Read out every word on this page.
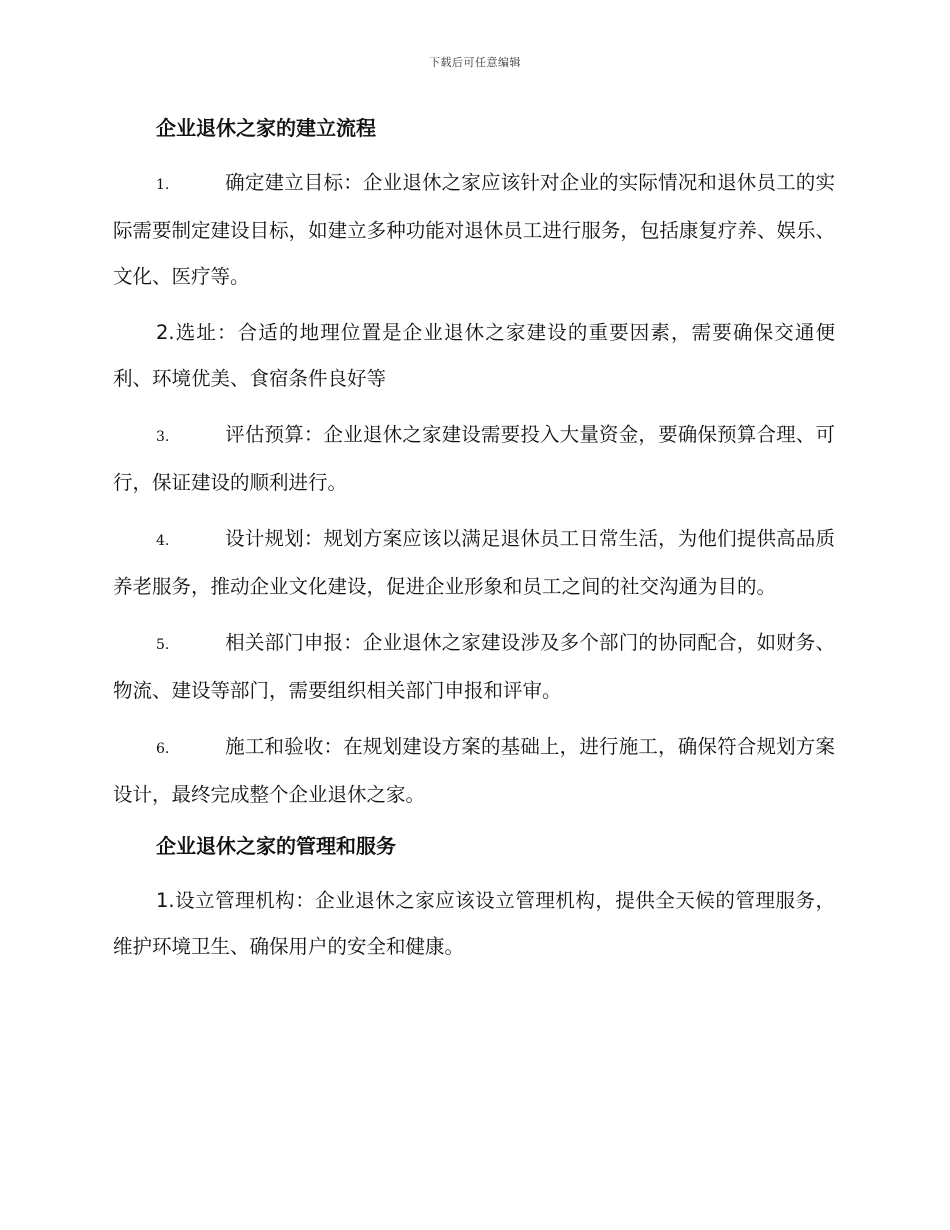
下载后可任意编辑
企业退休之家的建立流程

1.	确定建立目标：企业退休之家应该针对企业的实际情况和退休员工的实际需要制定建设目标，如建立多种功能对退休员工进行服务，包括康复疗养、娱乐、文化、医疗等。

2.选址：合适的地理位置是企业退休之家建设的重要因素，需要确保交通便利、环境优美、食宿条件良好等

3.	评估预算：企业退休之家建设需要投入大量资金，要确保预算合理、可行，保证建设的顺利进行。

4.	设计规划：规划方案应该以满足退休员工日常生活，为他们提供高品质养老服务，推动企业文化建设，促进企业形象和员工之间的社交沟通为目的。

5.	相关部门申报：企业退休之家建设涉及多个部门的协同配合，如财务、物流、建设等部门，需要组织相关部门申报和评审。

6.	施工和验收：在规划建设方案的基础上，进行施工，确保符合规划方案设计，最终完成整个企业退休之家。

企业退休之家的管理和服务

1.设立管理机构：企业退休之家应该设立管理机构，提供全天候的管理服务，维护环境卫生、确保用户的安全和健康。
